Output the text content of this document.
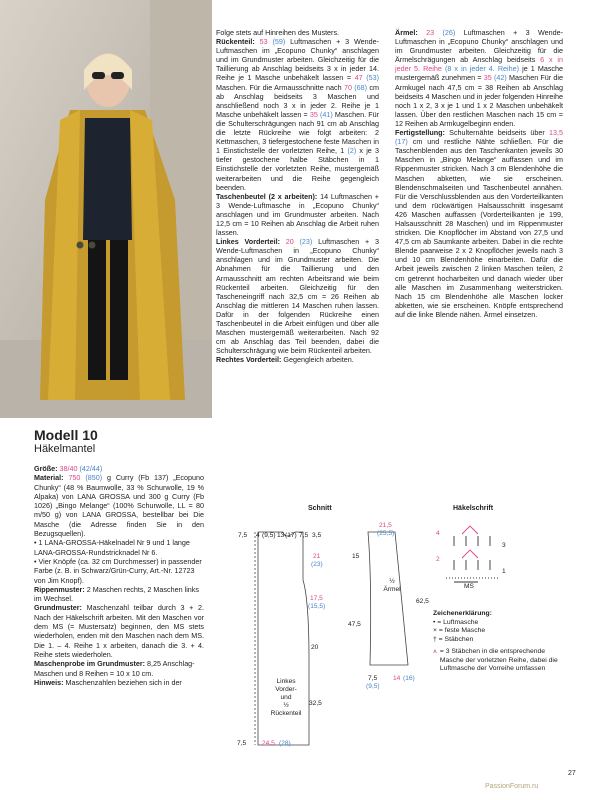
Modell 10

Häkelmantel

Größe: 38/40 (42/44)

Material: 750 (850) g Curry (Fb 137) „Ecopuno Chunky“ (48 % Baumwolle, 33 % Schurwolle, 19 % Alpaka) von LANA GROSSA und 300 g Curry (Fb 1026) „Bingo Melange“ (100% Schurwolle, LL = 80 m/50 g) von LANA GROSSA, bestellbar bei Die Masche (die Adresse finden Sie in den Bezugsquellen).

• 1 LANA-GROSSA-Häkelnadel Nr 9 und 1 lange LANA-GROSSA-Rundstricknadel Nr 6.

• Vier Knöpfe (ca. 32 cm Durchmesser) in passender Farbe (z. B. in Schwarz/Grün-Curry, Art.-Nr. 12723 von Jim Knopf).

Rippenmuster: 2 Maschen rechts, 2 Maschen links im Wechsel.

Grundmuster: Maschenzahl teilbar durch 3 + 2. Nach der Häkelschrift arbeiten. Mit den Maschen vor dem MS (= Mustersatz) beginnen, den MS stets wiederholen, enden mit den Maschen nach dem MS. Die 1. – 4. Reihe 1 x arbeiten, danach die 3. + 4. Reihe stets wiederholen.

Maschenprobe im Grundmuster: 8,25 Anschlag-Maschen und 8 Reihen = 10 x 10 cm.

Hinweis: Maschenzahlen beziehen sich in der

Folge stets auf Hinreihen des Musters.

Rückenteil: 53 (59) Luftmaschen + 3 Wende-Luftmaschen im „Ecopuno Chunky“ anschlagen und im Grundmuster arbeiten. Gleichzeitig für die Taillierung ab Anschlag beidseits 3 x in jeder 14. Reihe je 1 Masche unbehäkelt lassen = 47 (53) Maschen. Für die Armausschnitte nach 70 (68) cm ab Anschlag beidseits 3 Maschen und anschließend noch 3 x in jeder 2. Reihe je 1 Masche unbehäkelt lassen = 35 (41) Maschen. Für die Schulterschrägungen nach 91 cm ab Anschlag die letzte Rückreihe wie folgt arbeiten: 2 Kettmaschen, 3 tiefergestochene feste Maschen in 1 Einstichstelle der vorletzten Reihe, 1 (2) x je 3 tiefer gestochene halbe Stäbchen in 1 Einstichstelle der vorletzten Reihe, mustergemäß weiterarbeiten und die Reihe gegengleich beenden.

Taschenbeutel (2 x arbeiten): 14 Luftmaschen + 3 Wende-Luftmasche in „Ecopuno Chunky“ anschlagen und im Grundmuster arbeiten. Nach 12,5 cm = 10 Reihen ab Anschlag die Arbeit ruhen lassen.

Linkes Vorderteil: 20 (23) Luftmaschen + 3 Wende-Luftmaschen in „Ecopuno Chunky“ anschlagen und im Grundmuster arbeiten. Die Abnahmen für die Taillierung und den Armausschnitt am rechten Arbeitsrand wie beim Rückenteil arbeiten. Gleichzeitig für den Tascheneingriff nach 32,5 cm = 26 Reihen ab Anschlag die mittleren 14 Maschen ruhen lassen. Dafür in der folgenden Rückreihe einen Taschenbeutel in die Arbeit einfügen und über alle Maschen mustergemäß weiterarbeiten. Nach 92 cm ab Anschlag das Teil beenden, dabei die Schulterschrägung wie beim Rückenteil arbeiten.

Rechtes Vorderteil: Gegengleich arbeiten.

Ärmel: 23 (26) Luftmaschen + 3 Wende-Luftmaschen in „Ecopuno Chunky“ anschlagen und im Grundmuster arbeiten. Gleichzeitig für die Ärmelschrägungen ab Anschlag beidseits 6 x in jeder 5. Reihe (8 x in jeder 4. Reihe) je 1 Masche mustergemäß zunehmen = 35 (42) Maschen Für die Armkugel nach 47,5 cm = 38 Reihen ab Anschlag beidseits 4 Maschen und in jeder folgenden Hinreihe noch 1 x 2, 3 x je 1 und 1 x 2 Maschen unbehäkelt lassen. Über den restlichen Maschen nach 15 cm = 12 Reihen ab Armkugelbeginn enden.

Fertigstellung: Schulternähte beidseits über 13,5 (17) cm und restliche Nähte schließen. Für die Taschenblenden aus den Taschenkanten jeweils 30 Maschen in „Bingo Melange“ auffassen und im Rippenmuster stricken. Nach 3 cm Blendenhöhe die Maschen abketten, wie sie erscheinen. Blendenschmalseiten und Taschenbeutel annähen. Für die Verschlussblenden aus den Vorderteilkanten und dem rückwärtigen Halsausschnitt insgesamt 426 Maschen auffassen (Vorderteilkanten je 199, Halsausschnitt 28 Maschen) und im Rippenmuster stricken. Die Knopflöcher im Abstand von 27,5 und 47,5 cm ab Saumkante arbeiten. Dabei in die rechte Blende paarweise 2 x 2 Knopflöcher jeweils nach 3 und 10 cm Blendenhöhe einarbeiten. Dafür die Arbeit jeweils zwischen 2 linken Maschen teilen, 2 cm getrennt hocharbeiten und danach wieder über alle Maschen im Zusammenhang weiterstricken. Nach 15 cm Blendenhöhe alle Maschen locker abketten, wie sie erscheinen. Knöpfe entsprechend auf die linke Blende nähen. Ärmel einsetzen.

Schnitt
7,5 4 (9,5) 13 (17) 7,5 3,5
21
(23)
17,5
(15,5)
20
32,5
7,5 24,5 (28)
Linkes
Vorder- und
½
Rückenteil
21,5
(25,5)
15
47,5
62,5
½
Ärmel
7,5 14 (16)
(9,5)
Häkelschrift
4
3
2
1
MS
Zeichenerklärung:
• = Luftmasche
× = feste Masche
† = Stäbchen
⩚ = 3 Stäbchen in die entsprechende Masche der vorletzten Reihe, dabei die Luftmasche der Vorreihe umfassen
27
PassionForum.ru
